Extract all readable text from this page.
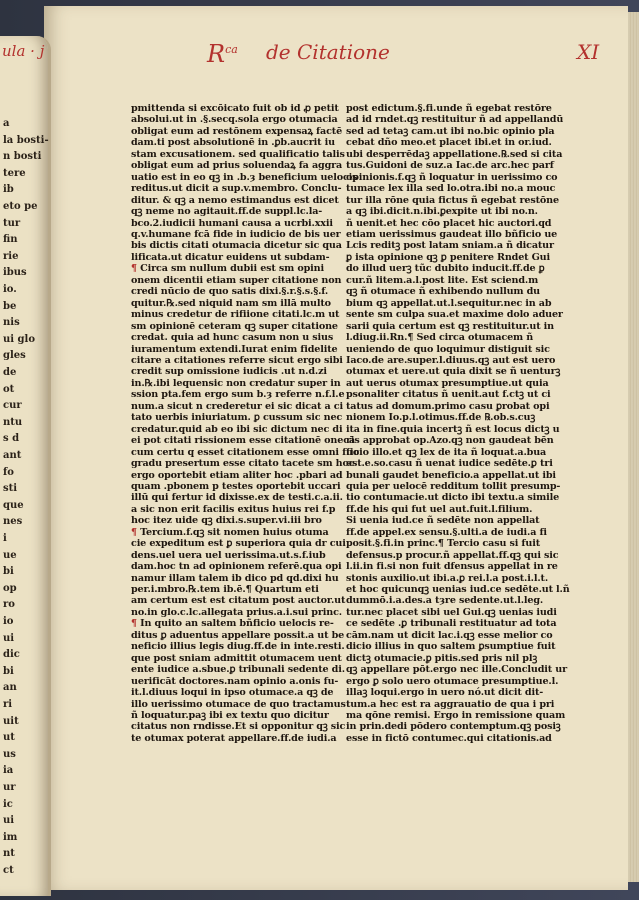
$R^{ca}$ de Citatione	XI
pmittenda si excōicato fuit ob id ꝓ petit
absolui.ut in .§.secq.sola ergo otumacia
obligat eum ad restōnem expensaꝝ factē
dam.ti post absolutionē in .ꝑb.aucrit iu
stam excusationem. sed qualificatio talis
obligat eum ad prius soluendaꝝ fa aggra
uatio est in eo qꝫ in .b.ȝ beneficium uelocis
reditus.ut dicit a sup.v.membro. Conclu-
ditur. & qꝫ a nemo estimandus est dicet
qꝫ neme no agitauit.ff.de suppl.lc.la-
bco.2.iudicii humani causa a ucrbi.xxii
q.v.humane fcā fide in iudicio de bis uer
bis dictis citati otumacia dicetur sic qua
lificata.ut dicatur euidens ut subdam-
¶ Circa sm nullum dubii est sm opini
onem dicentii etiam super citatione non
credi nūcio de quo satis dixi.§.r.§.s.§.f.
quitur.℞.sed niquid nam sm illā multo
minus credetur de rifiione citati.lc.m ut
sm opinionē ceteram qꝫ super citatione
credat. quia ad hunc casum non u sius
iuramentum extendi.Iurat enim fidelite
citare a citationes referre sicut ergo sibi
credit sup omissione iudicis .ut n.d.zi
in.℞.ibi lequensic non credatur super in
ssion pta.fem ergo sum b.ȝ referre n.f.l.e
num.a sicut n crederetur ei sic dicat a ci
tato uerbis iniuriatum. ꝑ cussum sic nec
credatur.quid ab eo ibi sic dictum nec di
ei pot citati rissionem esse citationē onecā
cum certu q esset citationem esse omni fuo
gradu presertum esse citato tacete sm hoc
ergo oportebit etiam aliter hoc .pbari ad
quam .pbonem p testes oportebit uccari
illū qui fertur id dixisse.ex de testi.c.a.ii.
a sic non erit facilis exitus huius rei f.p
hoc itez uide qꝫ dixi.s.super.vi.iii bro
¶ Tercium.f.qꝫ sit nomen huius otuma
cie expeditum est ꝑ superiora quia dr cui
dens.uel uera uel uerissima.ut.s.f.iub
dam.hoc tn ad opinionem referē.qua opi
namur illam talem ib dico pd qd.dixi hu
per.i.mbro.℞.tem ib.ē.¶ Quartum eti
am certum est est citatum post auctor.ut
no.in glo.c.lc.allegata prius.a.i.sui princ.
¶ In quito an saltem bñficio uelocis re-
ditus ꝑ aduentus appellare possit.a ut be
neficio illius legis diug.ff.de in inte.resti.
que post sniam admittit otumacem uent
ente iudice a.sbue.ꝑ tribunali sedente di.
uerificāt doctores.nam opinio a.onis fu-
it.l.diuus loqui in ipso otumace.a qꝫ de
illo uerissimo otumace de quo tractamus
ñ loquatur.paꝫ ibi ex textu quo dicitur
citatus non rndisse.Et si opponitur qꝫ sic
te otumax poterat appellare.ff.de iudi.a
post edictum.§.fi.unde ñ egebat restōre
ad id rndet.qꝫ restituitur ñ ad appellandū
sed ad tetaꝫ cam.ut ibi no.bic opinio pla
cebat dño meo.et placet ibi.et in or.iud.
ubi desperrēdaꝫ appellatione.℞.sed si cita
tus.Guidoni de suz.a Iac.de arc.hec parf
opinionis.f.qꝫ ñ loquatur in uerissimo co
tumace lex illa sed lo.otra.ibi no.a mouc
tur illa rōne quia fictus ñ egebat restōne
a qꝫ ibi.dicit.n.ibi.ꝑexpite ut ibi no.n.
ñ uenit.et hec cōo placet hic auctori.qd
etiam uerissimus gaudeat illo bñficio ue
Lcis reditꝫ post latam sniam.a ñ dicatur
ꝑ ista opinione qꝫ ꝑ penitere Rndet Gui
do illud uerꝫ tũc dubito inducit.ff.de ꝑ
cur.ñ litem.a.l.post lite. Est sciend.m
qꝫ ñ otumace ñ exhibendo nullum du
bium qꝫ appellat.ut.l.sequitur.nec in ab
sente sm culpa sua.et maxime dolo aduer
sarii quia certum est qꝫ restituitur.ut in
l.diug.ii.Rn.¶ Sed circa otumacem ñ
ueniendo de quo loquimur distiguit sic
Iaco.de are.super.l.diuus.qꝫ aut est uero
otumax et uere.ut quia dixit se ñ uenturꝫ
aut uerus otumax presumptiue.ut quia
psonaliter citatus ñ uenit.aut f.ctꝫ ut ci
tatus ad domum.primo casu ꝑrobat opi
nionem Io.p.l.otimus.ff.de ℞.ob.s.cuꝫ
ita in fine.quia incertꝫ ñ est locus dictꝫ u
ris approbat op.Azo.qꝫ non gaudeat bēn
ficio illo.et qꝫ lex de ita ñ loquat.a.bua
est.e.so.casu ñ uenat iudice sedēte.ꝑ tri
bunali gaudet beneficio.a appellat.ut ibi
quia per uelocē redditum tollit presump-
tio contumacie.ut dicto ibi textu.a simile
ff.de his qui fut uel aut.fuit.l.filium.
Si uenia iud.ce ñ sedēte non appellat
ff.de appel.ex sensu.§.ulti.a de iudi.a fi
posit.§.fi.in princ.¶ Tercio casu si fuit
defensus.p procur.ñ appellat.ff.qꝫ qui sic
l.ii.in fi.si non fuit dfensus appellat in re
stonis auxilio.ut ibi.a.ꝑ rei.l.a post.i.l.t.
et hoc quicunqꝫ uenias iud.ce sedēte.ut l.ñ
dummō.i.a.des.a tȝre sedente.ut.l.leg.
tur.nec placet sibi uel Gui.qꝫ uenias iudi
ce sedēte .ꝑ tribunali restituatur ad tota
cām.nam ut dicit lac.i.qꝫ esse melior co
dicio illius in quo saltem ꝑsumptiue fuit
dictꝫ otumacie.ꝑ pitis.sed pris nil plꝫ
qꝫ appellare pōt.ergo nec ille.Concludit ur
ergo ꝑ solo uero otumace presumptiue.l.
illaꝫ loqui.ergo in uero nó.ut dicit dit-
tum.a hec est ra aggrauatio de qua i pri
ma qōne remisi. Ergo in remissione quam
in prin.dedi pōdero contemptum.qꝫ posiꝫ
esse in fictō contumec.qui citationis.ad
ula · j
a
la bosti-
n bosti
tere
ib
eto pe
tur
fin
rie
ibus
io.
be
nis
ui glo
gles
de
ot
cur
ntu
s d
ant
fo
sti
que
nes
i
ue
bi
op
ro
io
ui
dic
bi
an
ri
uit
ut
us
ia
ur
ic
ui
im
nt
ct
